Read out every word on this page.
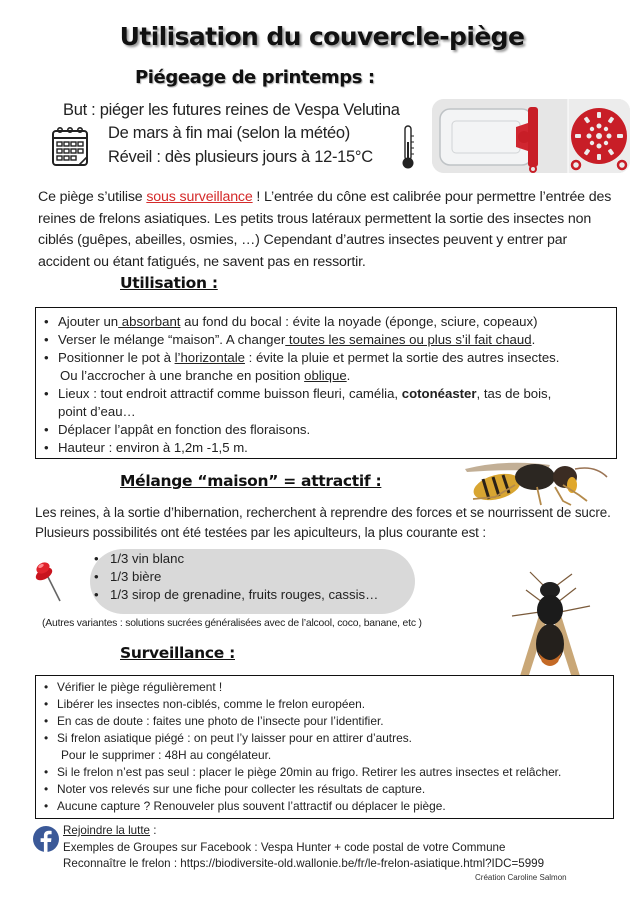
Utilisation du couvercle-piège
Piégeage de printemps :
But : piéger les futures reines de Vespa Velutina
De mars à fin mai (selon la météo)
Réveil : dès plusieurs jours à 12-15°C
Ce piège s’utilise sous surveillance ! L’entrée du cône est calibrée pour permettre l’entrée des reines de frelons asiatiques. Les petits trous latéraux permettent la sortie des insectes non ciblés (guêpes, abeilles, osmies, …) Cependant d’autres insectes peuvent y entrer par accident ou étant fatigués, ne savent pas en ressortir.
Utilisation :
• Ajouter un absorbant au fond du bocal : évite la noyade (éponge, sciure, copeaux)
• Verser le mélange “maison”. A changer toutes les semaines ou plus s’il fait chaud.
• Positionner le pot à l’horizontale : évite la pluie et permet la sortie des autres insectes.
Ou l’accrocher à une branche en position oblique.
• Lieux : tout endroit attractif comme buisson fleuri, camélia, cotonéaster, tas de bois, point d’eau…
• Déplacer l’appât en fonction des floraisons.
• Hauteur : environ à 1,2m -1,5 m.
Mélange “maison” = attractif :
Les reines, à la sortie d’hibernation, recherchent à reprendre des forces et se nourrissent de sucre. Plusieurs possibilités ont été testées par les apiculteurs, la plus courante est :
• 1/3 vin blanc
• 1/3 bière
• 1/3 sirop de grenadine, fruits rouges, cassis…
(Autres variantes : solutions sucrées généralisées avec de l’alcool, coco, banane, etc )
Surveillance :
• Vérifier le piège régulièrement !
• Libérer les insectes non-ciblés, comme le frelon européen.
• En cas de doute : faites une photo de l’insecte pour l’identifier.
• Si frelon asiatique piégé : on peut l’y laisser pour en attirer d’autres.
Pour le supprimer : 48H au congélateur.
• Si le frelon n’est pas seul : placer le piège 20min au frigo. Retirer les autres insectes et relâcher.
• Noter vos relevés sur une fiche pour collecter les résultats de capture.
• Aucune capture ? Renouveler plus souvent l’attractif ou déplacer le piège.
Rejoindre la lutte :
Exemples de Groupes sur Facebook : Vespa Hunter + code postal de votre Commune
Reconnaître le frelon : https://biodiversite-old.wallonie.be/fr/le-frelon-asiatique.html?IDC=5999
Création Caroline Salmon
